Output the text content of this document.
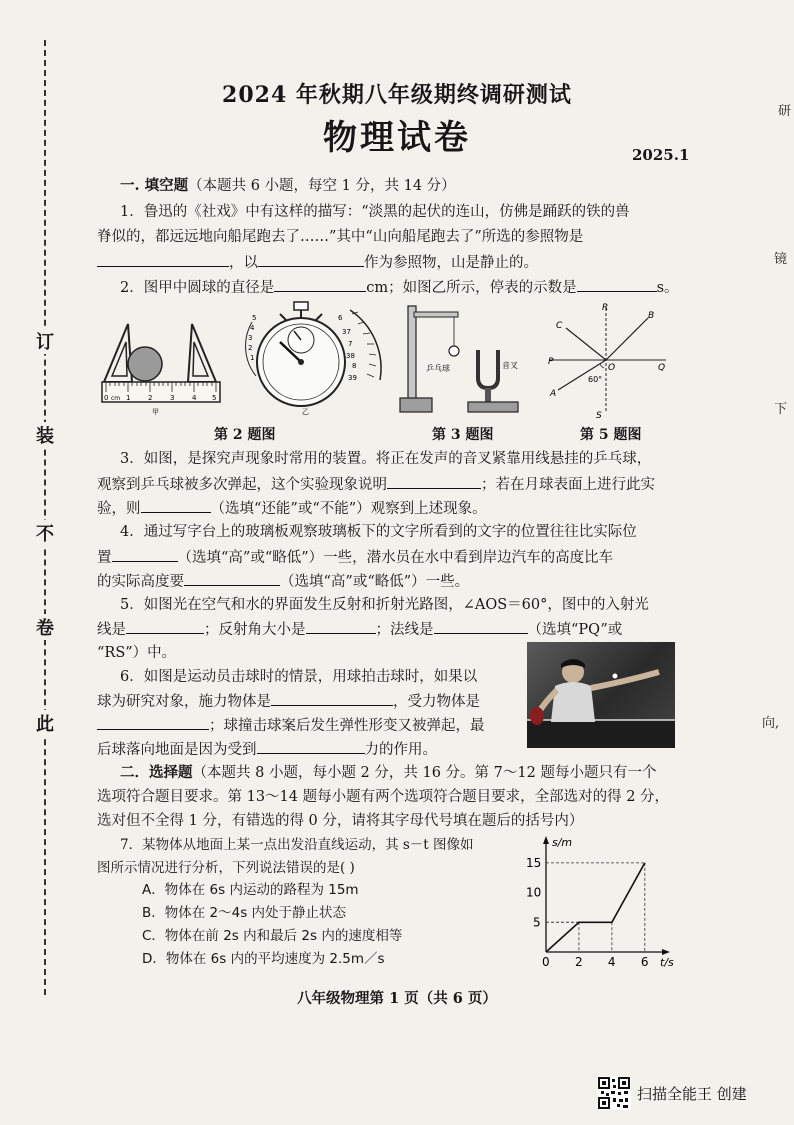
订
装
不
卷
此
研
镜
下
向,
2024 年秋期八年级期终调研测试
物理试卷	2025.1
一. 填空题（本题共 6 小题，每空 1 分，共 14 分）
1．鲁迅的《社戏》中有这样的描写：“淡黑的起伏的连山，仿佛是踊跃的铁的兽
脊似的，都远远地向船尾跑去了……”其中“山向船尾跑去了”所选的参照物是
，以	作为参照物，山是静止的。
2．图甲中圆球的直径是	cm；如图乙所示，停表的示数是	s。
0 cm 1	2	3	4 5
甲
5
4
3
2
1
6
37
7
38
8
39
乙
乒乓球	音叉
R
B
C
P
Q
O
A
S
60°
第 2 题图	第 3 题图	第 5 题图
3．如图，是探究声现象时常用的装置。将正在发声的音叉紧靠用线悬挂的乒乓球，
观察到乒乓球被多次弹起，这个实验现象说明	；若在月球表面上进行此实
验，则	（选填“还能”或“不能”）观察到上述现象。
4．通过写字台上的玻璃板观察玻璃板下的文字所看到的文字的位置往往比实际位
置	（选填“高”或“略低”）一些，潜水员在水中看到岸边汽车的高度比车
的实际高度要	（选填“高”或“略低”）一些。
5．如图光在空气和水的界面发生反射和折射光路图，∠AOS＝60°，图中的入射光
线是	；反射角大小是	；法线是	（选填“PQ”或
“RS”）中。
6．如图是运动员击球时的情景，用球拍击球时，如果以
球为研究对象，施力物体是	，受力物体是
；球撞击球案后发生弹性形变又被弹起，最
后球落向地面是因为受到	力的作用。
二．选择题（本题共 8 小题，每小题 2 分，共 16 分。第 7～12 题每小题只有一个
选项符合题目要求。第 13～14 题每小题有两个选项符合题目要求，全部选对的得 2 分，
选对但不全得 1 分，有错选的得 0 分，请将其字母代号填在题后的括号内）
7．某物体从地面上某一点出发沿直线运动，其 s－t 图像如
图所示情况进行分析，下列说法错误的是( )
A．物体在 6s 内运动的路程为 15m
B．物体在 2～4s 内处于静止状态
C．物体在前 2s 内和最后 2s 内的速度相等
D．物体在 6s 内的平均速度为 2.5m／s	0 2 4 6
5
10
15
t/s
s/m
八年级物理第 1 页（共 6 页）
扫描全能王 创建
